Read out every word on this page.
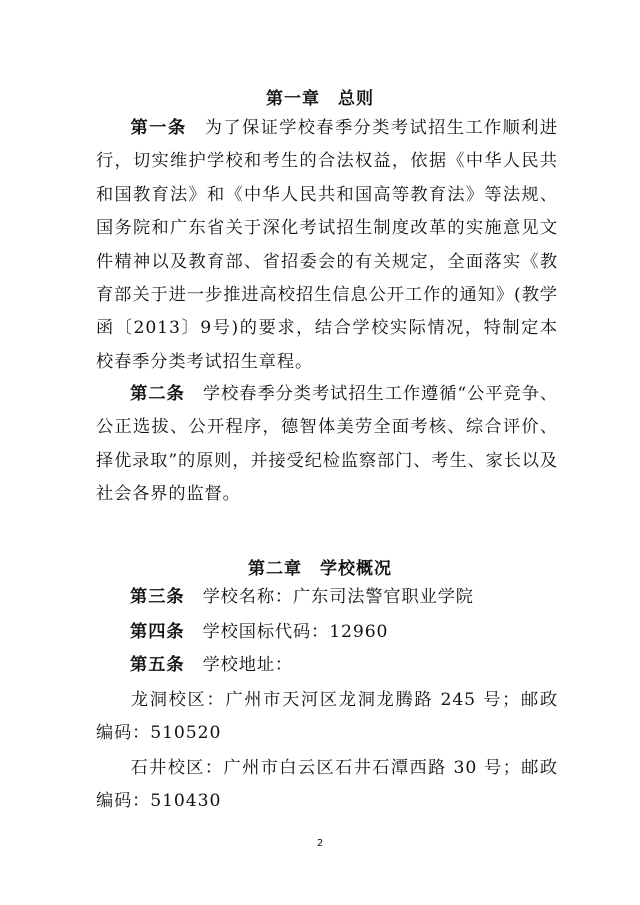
第一章 总则
第一条 为了保证学校春季分类考试招生工作顺利进行，切实维护学校和考生的合法权益，依据《中华人民共和国教育法》和《中华人民共和国高等教育法》等法规、国务院和广东省关于深化考试招生制度改革的实施意见文件精神以及教育部、省招委会的有关规定，全面落实《教育部关于进一步推进高校招生信息公开工作的通知》(教学函〔2013〕9号)的要求，结合学校实际情况，特制定本校春季分类考试招生章程。
第二条 学校春季分类考试招生工作遵循“公平竞争、公正选拔、公开程序，德智体美劳全面考核、综合评价、择优录取”的原则，并接受纪检监察部门、考生、家长以及社会各界的监督。
第二章 学校概况
第三条 学校名称：广东司法警官职业学院
第四条 学校国标代码：12960
第五条 学校地址：
龙洞校区：广州市天河区龙洞龙腾路 245 号；邮政编码：510520
石井校区：广州市白云区石井石潭西路 30 号；邮政编码：510430
2
